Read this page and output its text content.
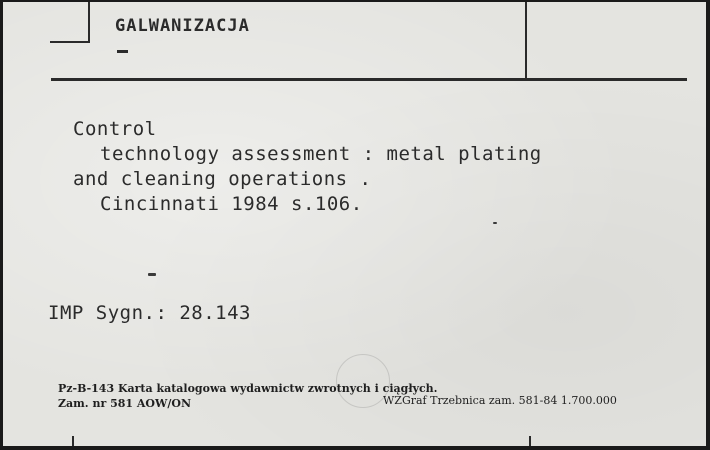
GALWANIZACJA
Control
technology assessment : metal plating
and cleaning operations .
Cincinnati 1984 s.106.
IMP Sygn.: 28.143
Pz-B-143 Karta katalogowa wydawnictw zwrotnych i ciągłych.
Zam. nr 581 AOW/ON	WZGraf Trzebnica zam. 581-84 1.700.000
